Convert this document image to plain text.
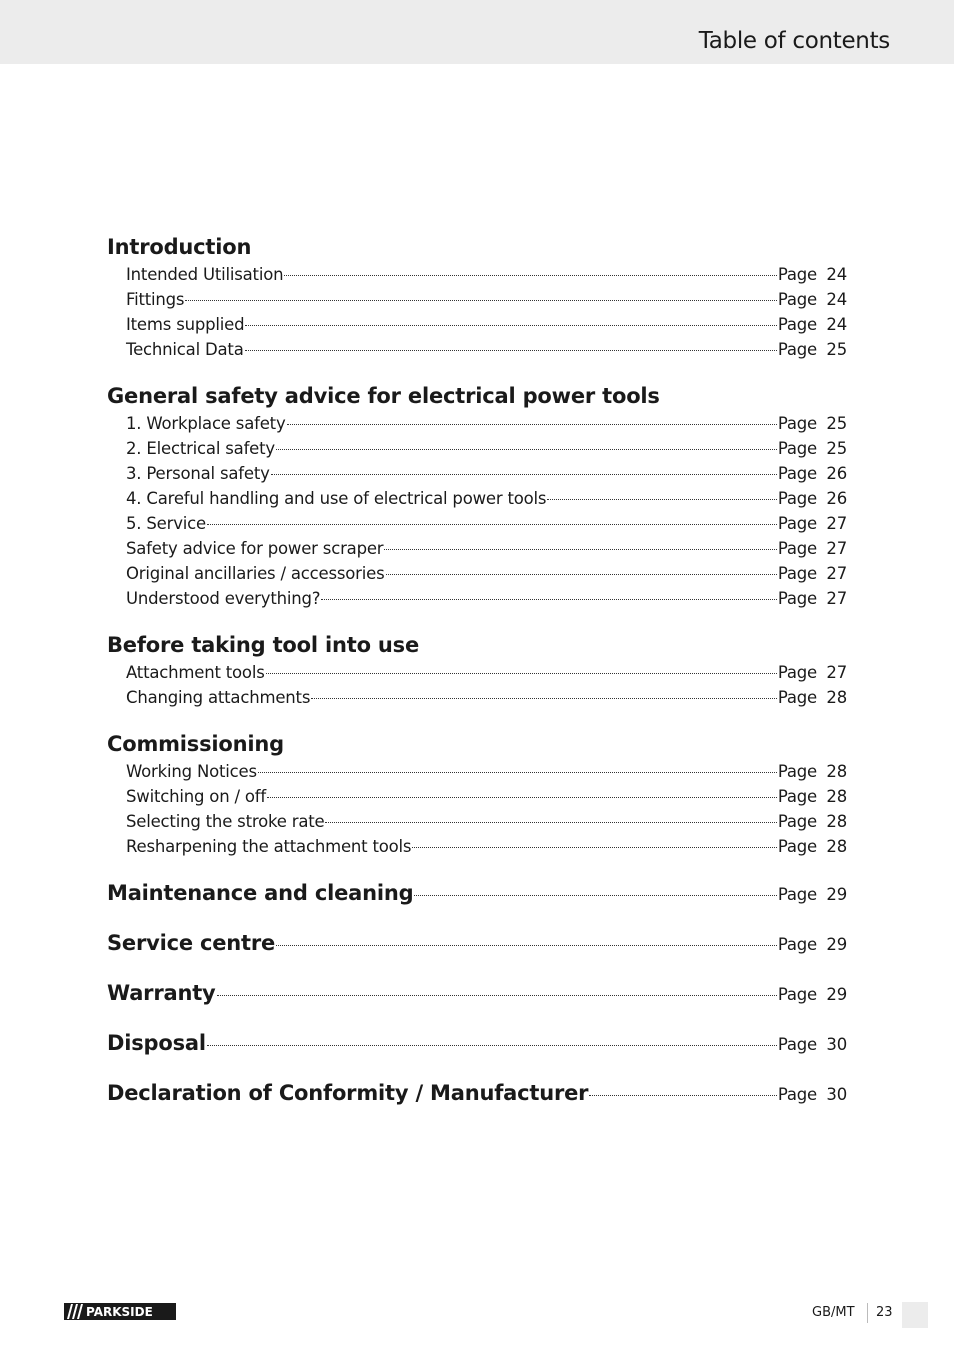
Table of contents
Introduction
Intended Utilisation	Page 24
Fittings	Page 24
Items supplied	Page 24
Technical Data	Page 25
General safety advice for electrical power tools
1. Workplace safety	Page 25
2. Electrical safety	Page 25
3. Personal safety	Page 26
4. Careful handling and use of electrical power tools	Page 26
5. Service	Page 27
Safety advice for power scraper	Page 27
Original ancillaries / accessories	Page 27
Understood everything?	Page 27
Before taking tool into use
Attachment tools	Page 27
Changing attachments	Page 28
Commissioning
Working Notices	Page 28
Switching on / off	Page 28
Selecting the stroke rate	Page 28
Resharpening the attachment tools	Page 28
Maintenance and cleaning	Page 29
Service centre	Page 29
Warranty	Page 29
Disposal	Page 30
Declaration of Conformity / Manufacturer	Page 30
PARKSIDE	GB/MT 23
